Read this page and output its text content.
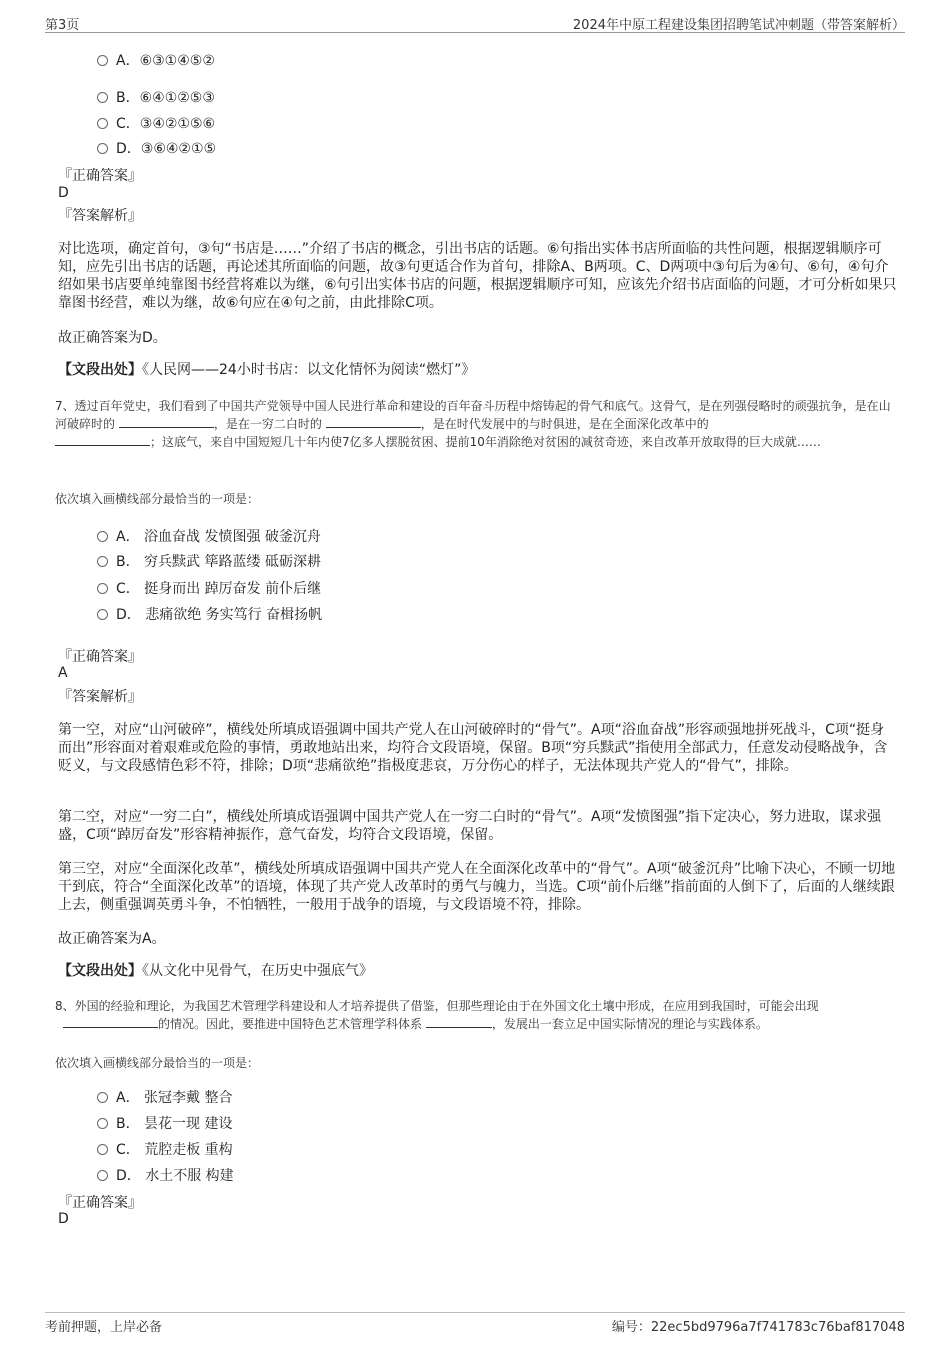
第3页	2024年中原工程建设集团招聘笔试冲刺题（带答案解析）
A．⑥③①④⑤②
B．⑥④①②⑤③
C．③④②①⑤⑥
D．③⑥④②①⑤
『正确答案』
D
『答案解析』
对比选项，确定首句，③句“书店是……”介绍了书店的概念，引出书店的话题。⑥句指出实体书店所面临的共性问题，根据逻辑顺序可知，应先引出书店的话题，再论述其所面临的问题，故③句更适合作为首句，排除A、B两项。C、D两项中③句后为④句、⑥句，④句介绍如果书店要单纯靠图书经营将难以为继，⑥句引出实体书店的问题，根据逻辑顺序可知，应该先介绍书店面临的问题，才可分析如果只靠图书经营，难以为继，故⑥句应在④句之前，由此排除C项。
故正确答案为D。
【文段出处】《人民网——24小时书店：以文化情怀为阅读“燃灯”》
7、透过百年党史，我们看到了中国共产党领导中国人民进行革命和建设的百年奋斗历程中熔铸起的骨气和底气。这骨气，是在列强侵略时的顽强抗争，是在山河破碎时的	，是在一穷二白时的	，是在时代发展中的与时俱进，是在全面深化改革中的
；这底气，来自中国短短几十年内使7亿多人摆脱贫困、提前10年消除绝对贫困的减贫奇迹，来自改革开放取得的巨大成就……
依次填入画横线部分最恰当的一项是：
A． 浴血奋战 发愤图强 破釜沉舟
B． 穷兵黩武 筚路蓝缕 砥砺深耕
C． 挺身而出 踔厉奋发 前仆后继
D． 悲痛欲绝 务实笃行 奋楫扬帆
『正确答案』
A
『答案解析』
第一空，对应“山河破碎”，横线处所填成语强调中国共产党人在山河破碎时的“骨气”。A项“浴血奋战”形容顽强地拼死战斗，C项“挺身而出”形容面对着艰难或危险的事情，勇敢地站出来，均符合文段语境，保留。B项“穷兵黩武”指使用全部武力，任意发动侵略战争，含贬义，与文段感情色彩不符，排除；D项“悲痛欲绝”指极度悲哀，万分伤心的样子，无法体现共产党人的“骨气”，排除。
第二空，对应“一穷二白”，横线处所填成语强调中国共产党人在一穷二白时的“骨气”。A项“发愤图强”指下定决心，努力进取，谋求强盛，C项“踔厉奋发”形容精神振作，意气奋发，均符合文段语境，保留。
第三空，对应“全面深化改革”，横线处所填成语强调中国共产党人在全面深化改革中的“骨气”。A项“破釜沉舟”比喻下决心，不顾一切地干到底，符合“全面深化改革”的语境，体现了共产党人改革时的勇气与魄力，当选。C项“前仆后继”指前面的人倒下了，后面的人继续跟上去，侧重强调英勇斗争，不怕牺牲，一般用于战争的语境，与文段语境不符，排除。
故正确答案为A。
【文段出处】《从文化中见骨气，在历史中强底气》
8、外国的经验和理论，为我国艺术管理学科建设和人才培养提供了借鉴，但那些理论由于在外国文化土壤中形成，在应用到我国时，可能会出现
的情况。因此，要推进中国特色艺术管理学科体系	，发展出一套立足中国实际情况的理论与实践体系。
依次填入画横线部分最恰当的一项是：
A． 张冠李戴 整合
B． 昙花一现 建设
C． 荒腔走板 重构
D． 水土不服 构建
『正确答案』
D
考前押题，上岸必备	编号：22ec5bd9796a7f741783c76baf817048
